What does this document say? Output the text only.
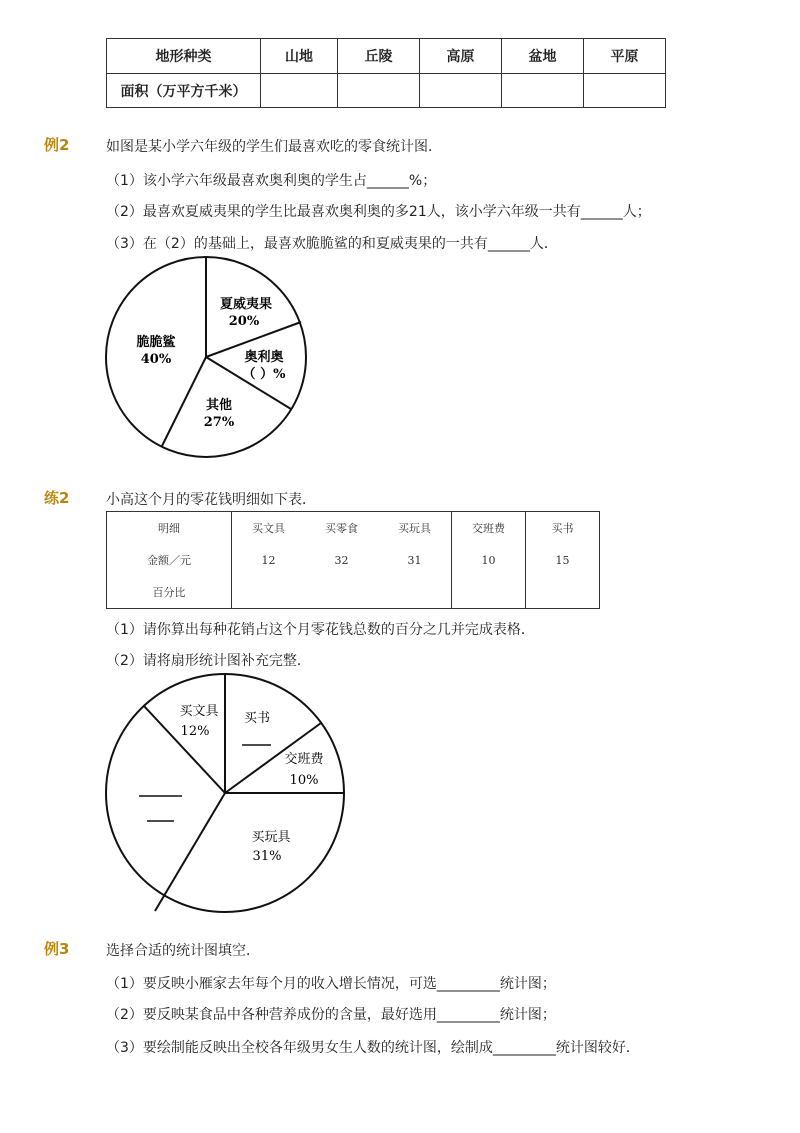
地形种类	山地	丘陵	高原	盆地	平原
面积（万平方千米）					
例2	如图是某小学六年级的学生们最喜欢吃的零食统计图．
（1）该小学六年级最喜欢奥利奥的学生占______%；
（2）最喜欢夏威夷果的学生比最喜欢奥利奥的多21人，该小学六年级一共有______人；
（3）在（2）的基础上，最喜欢脆脆鲨的和夏威夷果的一共有______人．
夏威夷果
20%
奥利奥
（ ）%
其他
27%
脆脆鲨
40%
买文具
12%
买书
交班费
10%
买玩具
31%
练2	小高这个月的零花钱明细如下表．
明细	买文具	买零食	买玩具	交班费	买书
金额／元	12	32	31	10	15
百分比					
（1）请你算出每种花销占这个月零花钱总数的百分之几并完成表格．
（2）请将扇形统计图补充完整．
例3	选择合适的统计图填空．
（1）要反映小雁家去年每个月的收入增长情况，可选_________统计图；
（2）要反映某食品中各种营养成份的含量，最好选用_________统计图；
（3）要绘制能反映出全校各年级男女生人数的统计图，绘制成_________统计图较好．
